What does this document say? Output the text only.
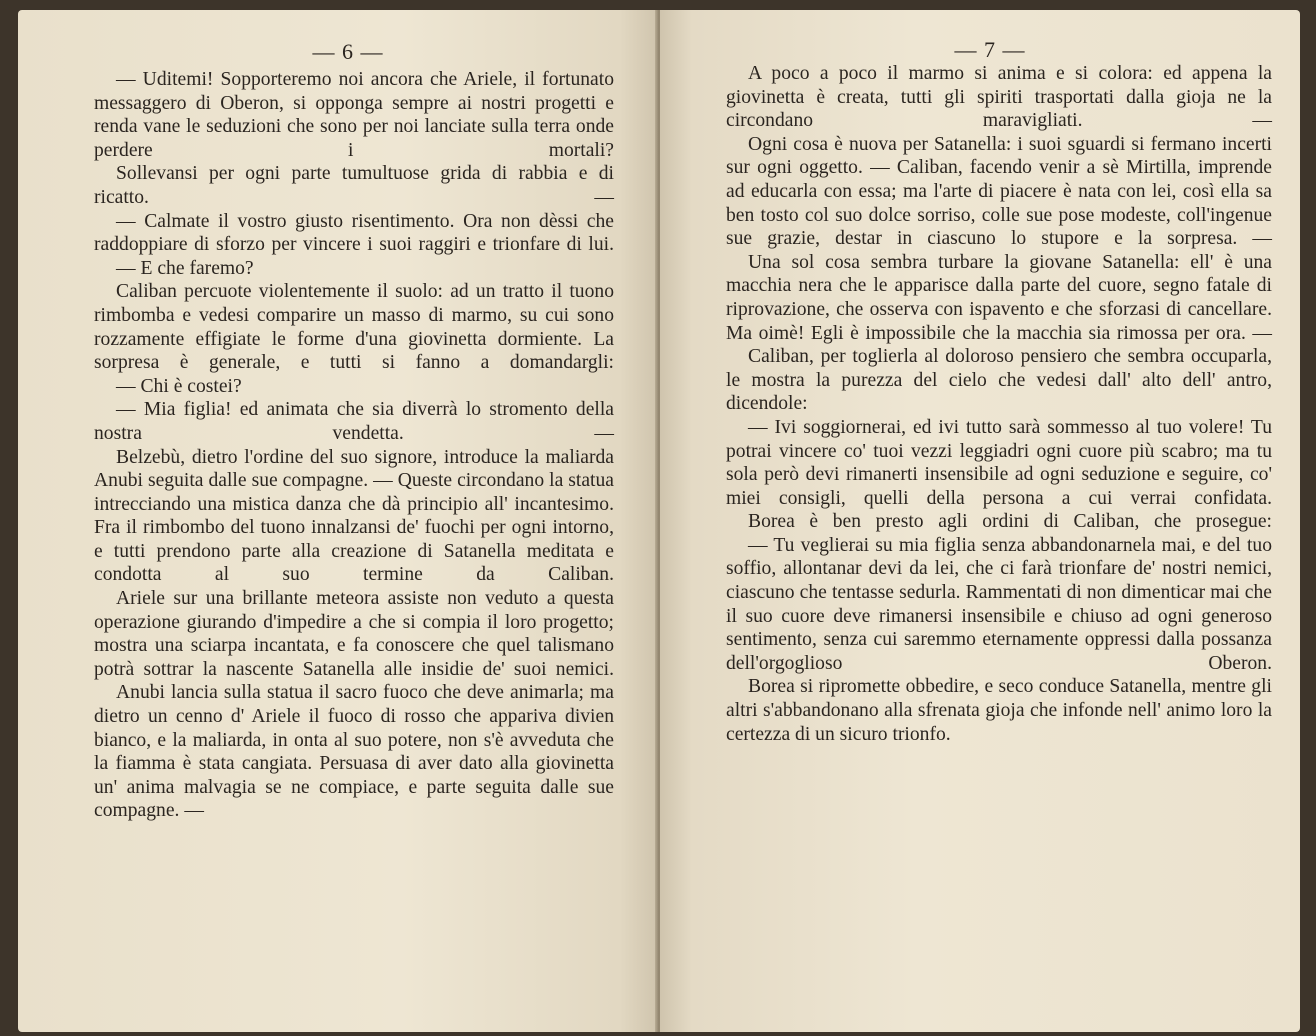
— 6 —

— Uditemi! Sopporteremo noi ancora che Ariele, il fortunato messaggero di Oberon, si opponga sempre ai nostri progetti e renda vane le seduzioni che sono per noi lanciate sulla terra onde perdere i mortali?

Sollevansi per ogni parte tumultuose grida di rabbia e di ricatto. —

— Calmate il vostro giusto risentimento. Ora non dèssi che raddoppiare di sforzo per vincere i suoi raggiri e trionfare di lui.

— E che faremo?

Caliban percuote violentemente il suolo: ad un tratto il tuono rimbomba e vedesi comparire un masso di marmo, su cui sono rozzamente effigiate le forme d'una giovinetta dormiente. La sorpresa è generale, e tutti si fanno a domandargli:

— Chi è costei?

— Mia figlia! ed animata che sia diverrà lo stromento della nostra vendetta. —

Belzebù, dietro l'ordine del suo signore, introduce la maliarda Anubi seguita dalle sue compagne. — Queste circondano la statua intrecciando una mistica danza che dà principio all' incantesimo. Fra il rimbombo del tuono innalzansi de' fuochi per ogni intorno, e tutti prendono parte alla creazione di Satanella meditata e condotta al suo termine da Caliban.

Ariele sur una brillante meteora assiste non veduto a questa operazione giurando d'impedire a che si compia il loro progetto; mostra una sciarpa incantata, e fa conoscere che quel talismano potrà sottrar la nascente Satanella alle insidie de' suoi nemici.

Anubi lancia sulla statua il sacro fuoco che deve animarla; ma dietro un cenno d' Ariele il fuoco di rosso che appariva divien bianco, e la maliarda, in onta al suo potere, non s'è avveduta che la fiamma è stata cangiata. Persuasa di aver dato alla giovinetta un' anima malvagia se ne compiace, e parte seguita dalle sue compagne. —

— 7 —

A poco a poco il marmo si anima e si colora: ed appena la giovinetta è creata, tutti gli spiriti trasportati dalla gioja ne la circondano maravigliati. —

Ogni cosa è nuova per Satanella: i suoi sguardi si fermano incerti sur ogni oggetto. — Caliban, facendo venir a sè Mirtilla, imprende ad educarla con essa; ma l'arte di piacere è nata con lei, così ella sa ben tosto col suo dolce sorriso, colle sue pose modeste, coll'ingenue sue grazie, destar in ciascuno lo stupore e la sorpresa. —

Una sol cosa sembra turbare la giovane Satanella: ell' è una macchia nera che le apparisce dalla parte del cuore, segno fatale di riprovazione, che osserva con ispavento e che sforzasi di cancellare. Ma oimè! Egli è impossibile che la macchia sia rimossa per ora. —

Caliban, per toglierla al doloroso pensiero che sembra occuparla, le mostra la purezza del cielo che vedesi dall' alto dell' antro, dicendole:

— Ivi soggiornerai, ed ivi tutto sarà sommesso al tuo volere! Tu potrai vincere co' tuoi vezzi leggiadri ogni cuore più scabro; ma tu sola però devi rimanerti insensibile ad ogni seduzione e seguire, co' miei consigli, quelli della persona a cui verrai confidata.

Borea è ben presto agli ordini di Caliban, che prosegue:

— Tu veglierai su mia figlia senza abbandonarnela mai, e del tuo soffio, allontanar devi da lei, che ci farà trionfare de' nostri nemici, ciascuno che tentasse sedurla. Rammentati di non dimenticar mai che il suo cuore deve rimanersi insensibile e chiuso ad ogni generoso sentimento, senza cui saremmo eternamente oppressi dalla possanza dell'orgoglioso Oberon.

Borea si ripromette obbedire, e seco conduce Satanella, mentre gli altri s'abbandonano alla sfrenata gioja che infonde nell' animo loro la certezza di un sicuro trionfo.
